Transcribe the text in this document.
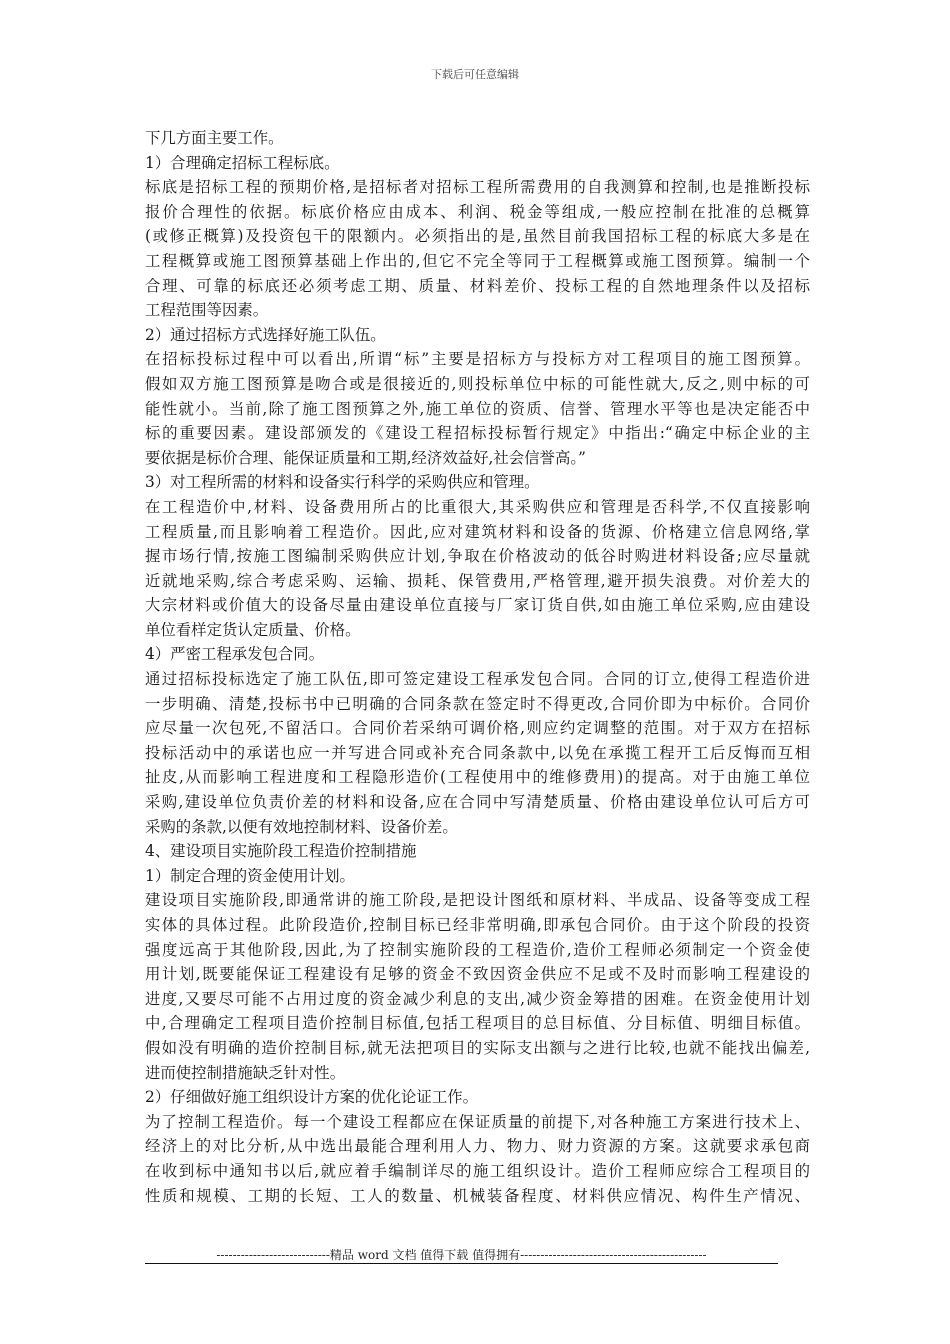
下载后可任意编辑
下几方面主要工作。
1）合理确定招标工程标底。
标底是招标工程的预期价格,是招标者对招标工程所需费用的自我测算和控制,也是推断投标
报价合理性的依据。标底价格应由成本、利润、税金等组成,一般应控制在批准的总概算
(或修正概算)及投资包干的限额内。必须指出的是,虽然目前我国招标工程的标底大多是在
工程概算或施工图预算基础上作出的,但它不完全等同于工程概算或施工图预算。编制一个
合理、可靠的标底还必须考虑工期、质量、材料差价、投标工程的自然地理条件以及招标
工程范围等因素。
2）通过招标方式选择好施工队伍。
在招标投标过程中可以看出,所谓“标”主要是招标方与投标方对工程项目的施工图预算。
假如双方施工图预算是吻合或是很接近的,则投标单位中标的可能性就大,反之,则中标的可
能性就小。当前,除了施工图预算之外,施工单位的资质、信誉、管理水平等也是决定能否中
标的重要因素。建设部颁发的《建设工程招标投标暂行规定》中指出:“确定中标企业的主
要依据是标价合理、能保证质量和工期,经济效益好,社会信誉高。”
3）对工程所需的材料和设备实行科学的采购供应和管理。
在工程造价中,材料、设备费用所占的比重很大,其采购供应和管理是否科学,不仅直接影响
工程质量,而且影响着工程造价。因此,应对建筑材料和设备的货源、价格建立信息网络,掌
握市场行情,按施工图编制采购供应计划,争取在价格波动的低谷时购进材料设备;应尽量就
近就地采购,综合考虑采购、运输、损耗、保管费用,严格管理,避开损失浪费。对价差大的
大宗材料或价值大的设备尽量由建设单位直接与厂家订货自供,如由施工单位采购,应由建设
单位看样定货认定质量、价格。
4）严密工程承发包合同。
通过招标投标选定了施工队伍,即可签定建设工程承发包合同。合同的订立,使得工程造价进
一步明确、清楚,投标书中已明确的合同条款在签定时不得更改,合同价即为中标价。合同价
应尽量一次包死,不留活口。合同价若采纳可调价格,则应约定调整的范围。对于双方在招标
投标活动中的承诺也应一并写进合同或补充合同条款中,以免在承揽工程开工后反悔而互相
扯皮,从而影响工程进度和工程隐形造价(工程使用中的维修费用)的提高。对于由施工单位
采购,建设单位负责价差的材料和设备,应在合同中写清楚质量、价格由建设单位认可后方可
采购的条款,以便有效地控制材料、设备价差。
4、建设项目实施阶段工程造价控制措施
1）制定合理的资金使用计划。
建设项目实施阶段,即通常讲的施工阶段,是把设计图纸和原材料、半成品、设备等变成工程
实体的具体过程。此阶段造价,控制目标已经非常明确,即承包合同价。由于这个阶段的投资
强度远高于其他阶段,因此,为了控制实施阶段的工程造价,造价工程师必须制定一个资金使
用计划,既要能保证工程建设有足够的资金不致因资金供应不足或不及时而影响工程建设的
进度,又要尽可能不占用过度的资金减少利息的支出,减少资金筹措的困难。在资金使用计划
中,合理确定工程项目造价控制目标值,包括工程项目的总目标值、分目标值、明细目标值。
假如没有明确的造价控制目标,就无法把项目的实际支出额与之进行比较,也就不能找出偏差,
进而使控制措施缺乏针对性。
2）仔细做好施工组织设计方案的优化论证工作。
为了控制工程造价。每一个建设工程都应在保证质量的前提下,对各种施工方案进行技术上、
经济上的对比分析,从中选出最能合理利用人力、物力、财力资源的方案。这就要求承包商
在收到标中通知书以后,就应着手编制详尽的施工组织设计。造价工程师应综合工程项目的
性质和规模、工期的长短、工人的数量、机械装备程度、材料供应情况、构件生产情况、
----------------------------精品 word 文档 值得下载 值得拥有----------------------------------------------
